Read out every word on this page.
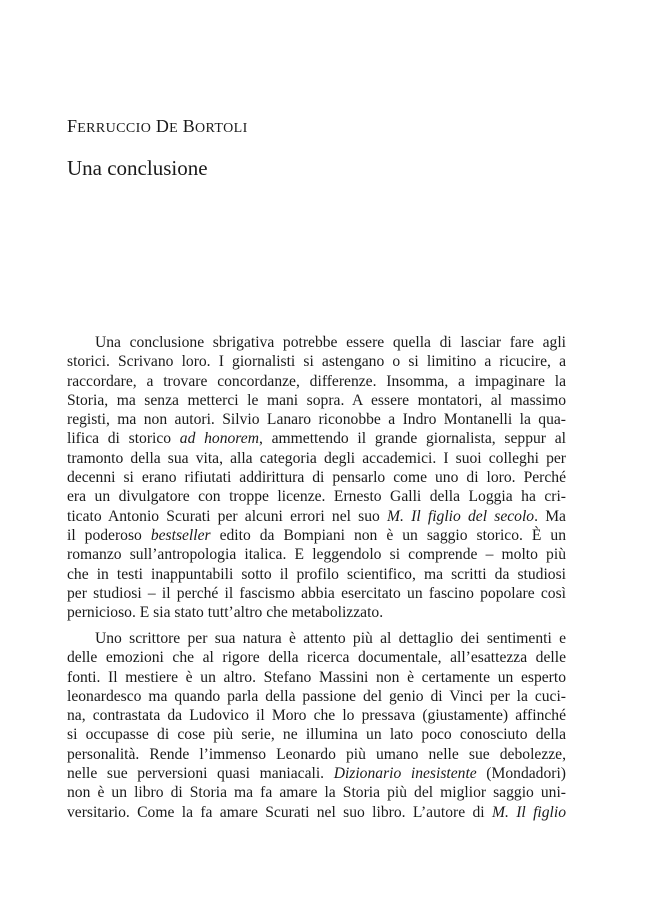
FERRUCCIO DE BORTOLI
Una conclusione
Una conclusione sbrigativa potrebbe essere quella di lasciar fare agli
storici. Scrivano loro. I giornalisti si astengano o si limitino a ricucire, a
raccordare, a trovare concordanze, differenze. Insomma, a impaginare la
Storia, ma senza metterci le mani sopra. A essere montatori, al massimo
registi, ma non autori. Silvio Lanaro riconobbe a Indro Montanelli la qua-
lifica di storico ad honorem, ammettendo il grande giornalista, seppur al
tramonto della sua vita, alla categoria degli accademici. I suoi colleghi per
decenni si erano rifiutati addirittura di pensarlo come uno di loro. Perché
era un divulgatore con troppe licenze. Ernesto Galli della Loggia ha cri-
ticato Antonio Scurati per alcuni errori nel suo M. Il figlio del secolo. Ma
il poderoso bestseller edito da Bompiani non è un saggio storico. È un
romanzo sull’antropologia italica. E leggendolo si comprende – molto più
che in testi inappuntabili sotto il profilo scientifico, ma scritti da studiosi
per studiosi – il perché il fascismo abbia esercitato un fascino popolare così
pernicioso. E sia stato tutt’altro che metabolizzato.
Uno scrittore per sua natura è attento più al dettaglio dei sentimenti e
delle emozioni che al rigore della ricerca documentale, all’esattezza delle
fonti. Il mestiere è un altro. Stefano Massini non è certamente un esperto
leonardesco ma quando parla della passione del genio di Vinci per la cuci-
na, contrastata da Ludovico il Moro che lo pressava (giustamente) affinché
si occupasse di cose più serie, ne illumina un lato poco conosciuto della
personalità. Rende l’immenso Leonardo più umano nelle sue debolezze,
nelle sue perversioni quasi maniacali. Dizionario inesistente (Mondadori)
non è un libro di Storia ma fa amare la Storia più del miglior saggio uni-
versitario. Come la fa amare Scurati nel suo libro. L’autore di M. Il figlio
